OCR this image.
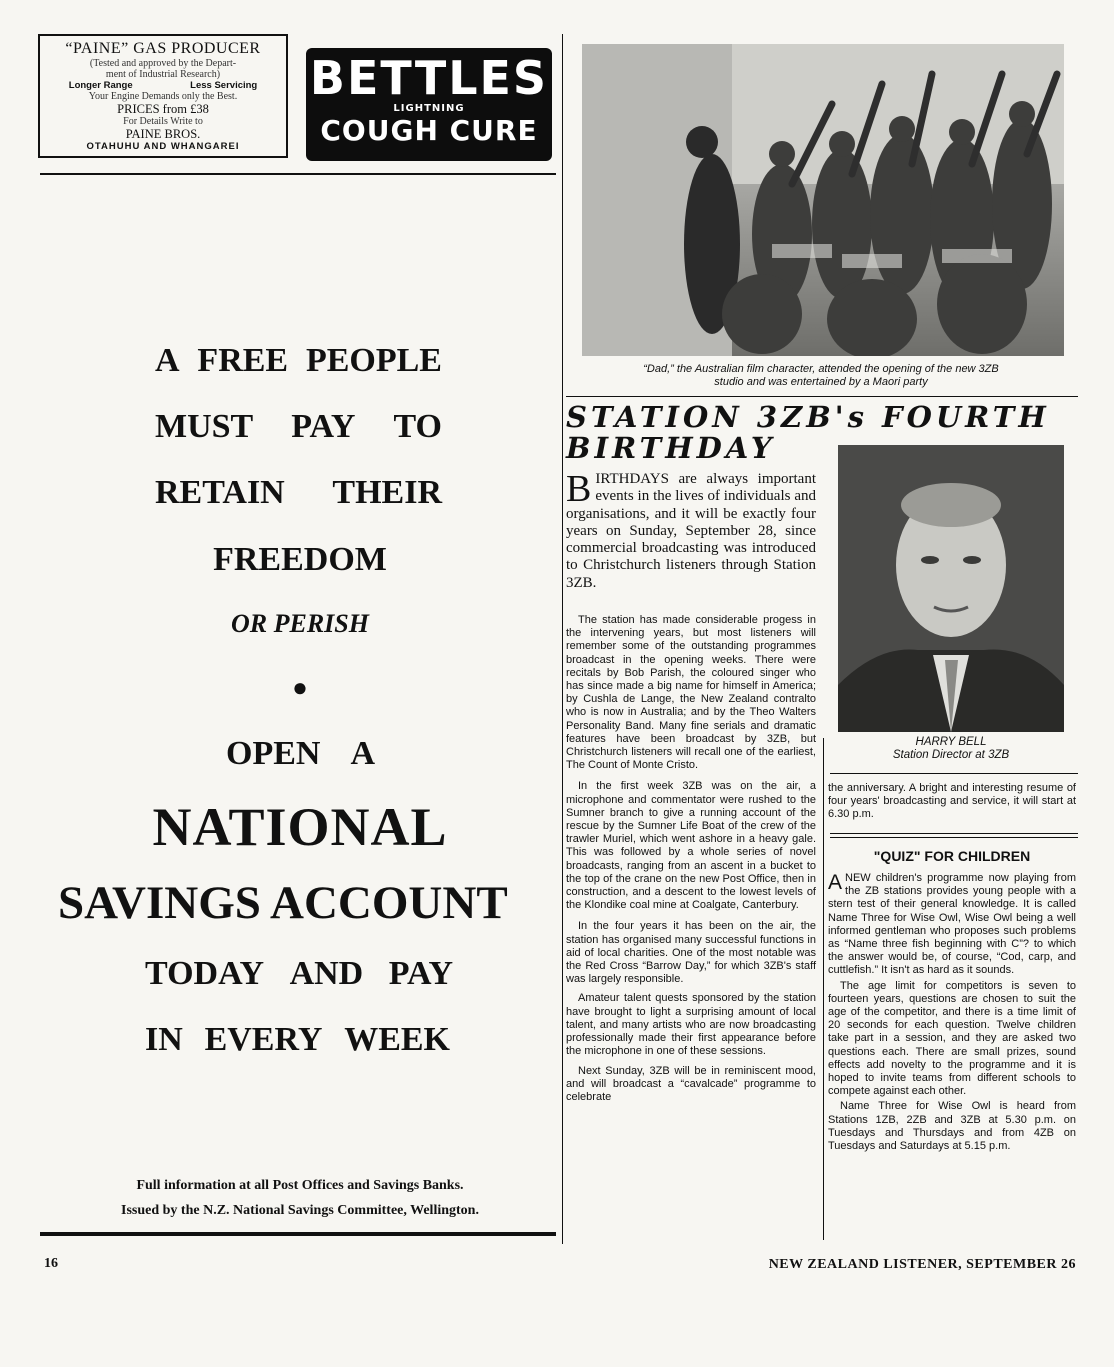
“PAINE” GAS PRODUCER
(Tested and approved by the Depart-
ment of Industrial Research)
Longer Range	Less Servicing
Your Engine Demands only the Best.
PRICES from £38
For Details Write to
PAINE BROS.
OTAHUHU AND WHANGAREI
BETTLES
LIGHTNING
COUGH CURE
A FREE PEOPLE
MUST PAY TO
RETAIN THEIR
FREEDOM
OR PERISH
●
OPEN A
NATIONAL
SAVINGS ACCOUNT
TODAY AND PAY
IN EVERY WEEK
Full information at all Post Offices and Savings Banks.
Issued by the N.Z. National Savings Committee, Wellington.
“Dad,” the Australian film character, attended the opening of the new 3ZB
studio and was entertained by a Maori party
STATION 3ZB's FOURTH
BIRTHDAY
BIRTHDAYS are always important events in the lives of individuals and organisations, and it will be exactly four years on Sunday, September 28, since commercial broadcasting was introduced to Christchurch listeners through Station 3ZB.

The station has made considerable progess in the intervening years, but most listeners will remember some of the outstanding programmes broadcast in the opening weeks. There were recitals by Bob Parish, the coloured singer who has since made a big name for himself in America; by Cushla de Lange, the New Zealand contralto who is now in Australia; and by the Theo Walters Personality Band. Many fine serials and dramatic features have been broadcast by 3ZB, but Christchurch listeners will recall one of the earliest, The Count of Monte Cristo.

In the first week 3ZB was on the air, a microphone and commentator were rushed to the Sumner branch to give a running account of the rescue by the Sumner Life Boat of the crew of the trawler Muriel, which went ashore in a heavy gale. This was followed by a whole series of novel broadcasts, ranging from an ascent in a bucket to the top of the crane on the new Post Office, then in construction, and a descent to the lowest levels of the Klondike coal mine at Coalgate, Canterbury.

In the four years it has been on the air, the station has organised many successful functions in aid of local charities. One of the most notable was the Red Cross “Barrow Day,” for which 3ZB's staff was largely responsible.

Amateur talent quests sponsored by the station have brought to light a surprising amount of local talent, and many artists who are now broadcasting professionally made their first appearance before the microphone in one of these sessions.

Next Sunday, 3ZB will be in reminiscent mood, and will broadcast a “cavalcade” programme to celebrate

HARRY BELL
Station Director at 3ZB
the anniversary. A bright and interesting resume of four years' broadcasting and service, it will start at 6.30 p.m.
"QUIZ" FOR CHILDREN

ANEW children's programme now playing from the ZB stations provides young people with a stern test of their general knowledge. It is called Name Three for Wise Owl, Wise Owl being a well informed gentleman who proposes such problems as “Name three fish beginning with C”? to which the answer would be, of course, “Cod, carp, and cuttlefish.” It isn't as hard as it sounds.

The age limit for competitors is seven to fourteen years, questions are chosen to suit the age of the competitor, and there is a time limit of 20 seconds for each question. Twelve children take part in a session, and they are asked two questions each. There are small prizes, sound effects add novelty to the programme and it is hoped to invite teams from different schools to compete against each other.

Name Three for Wise Owl is heard from Stations 1ZB, 2ZB and 3ZB at 5.30 p.m. on Tuesdays and Thursdays and from 4ZB on Tuesdays and Saturdays at 5.15 p.m.

16	NEW ZEALAND LISTENER, SEPTEMBER 26
